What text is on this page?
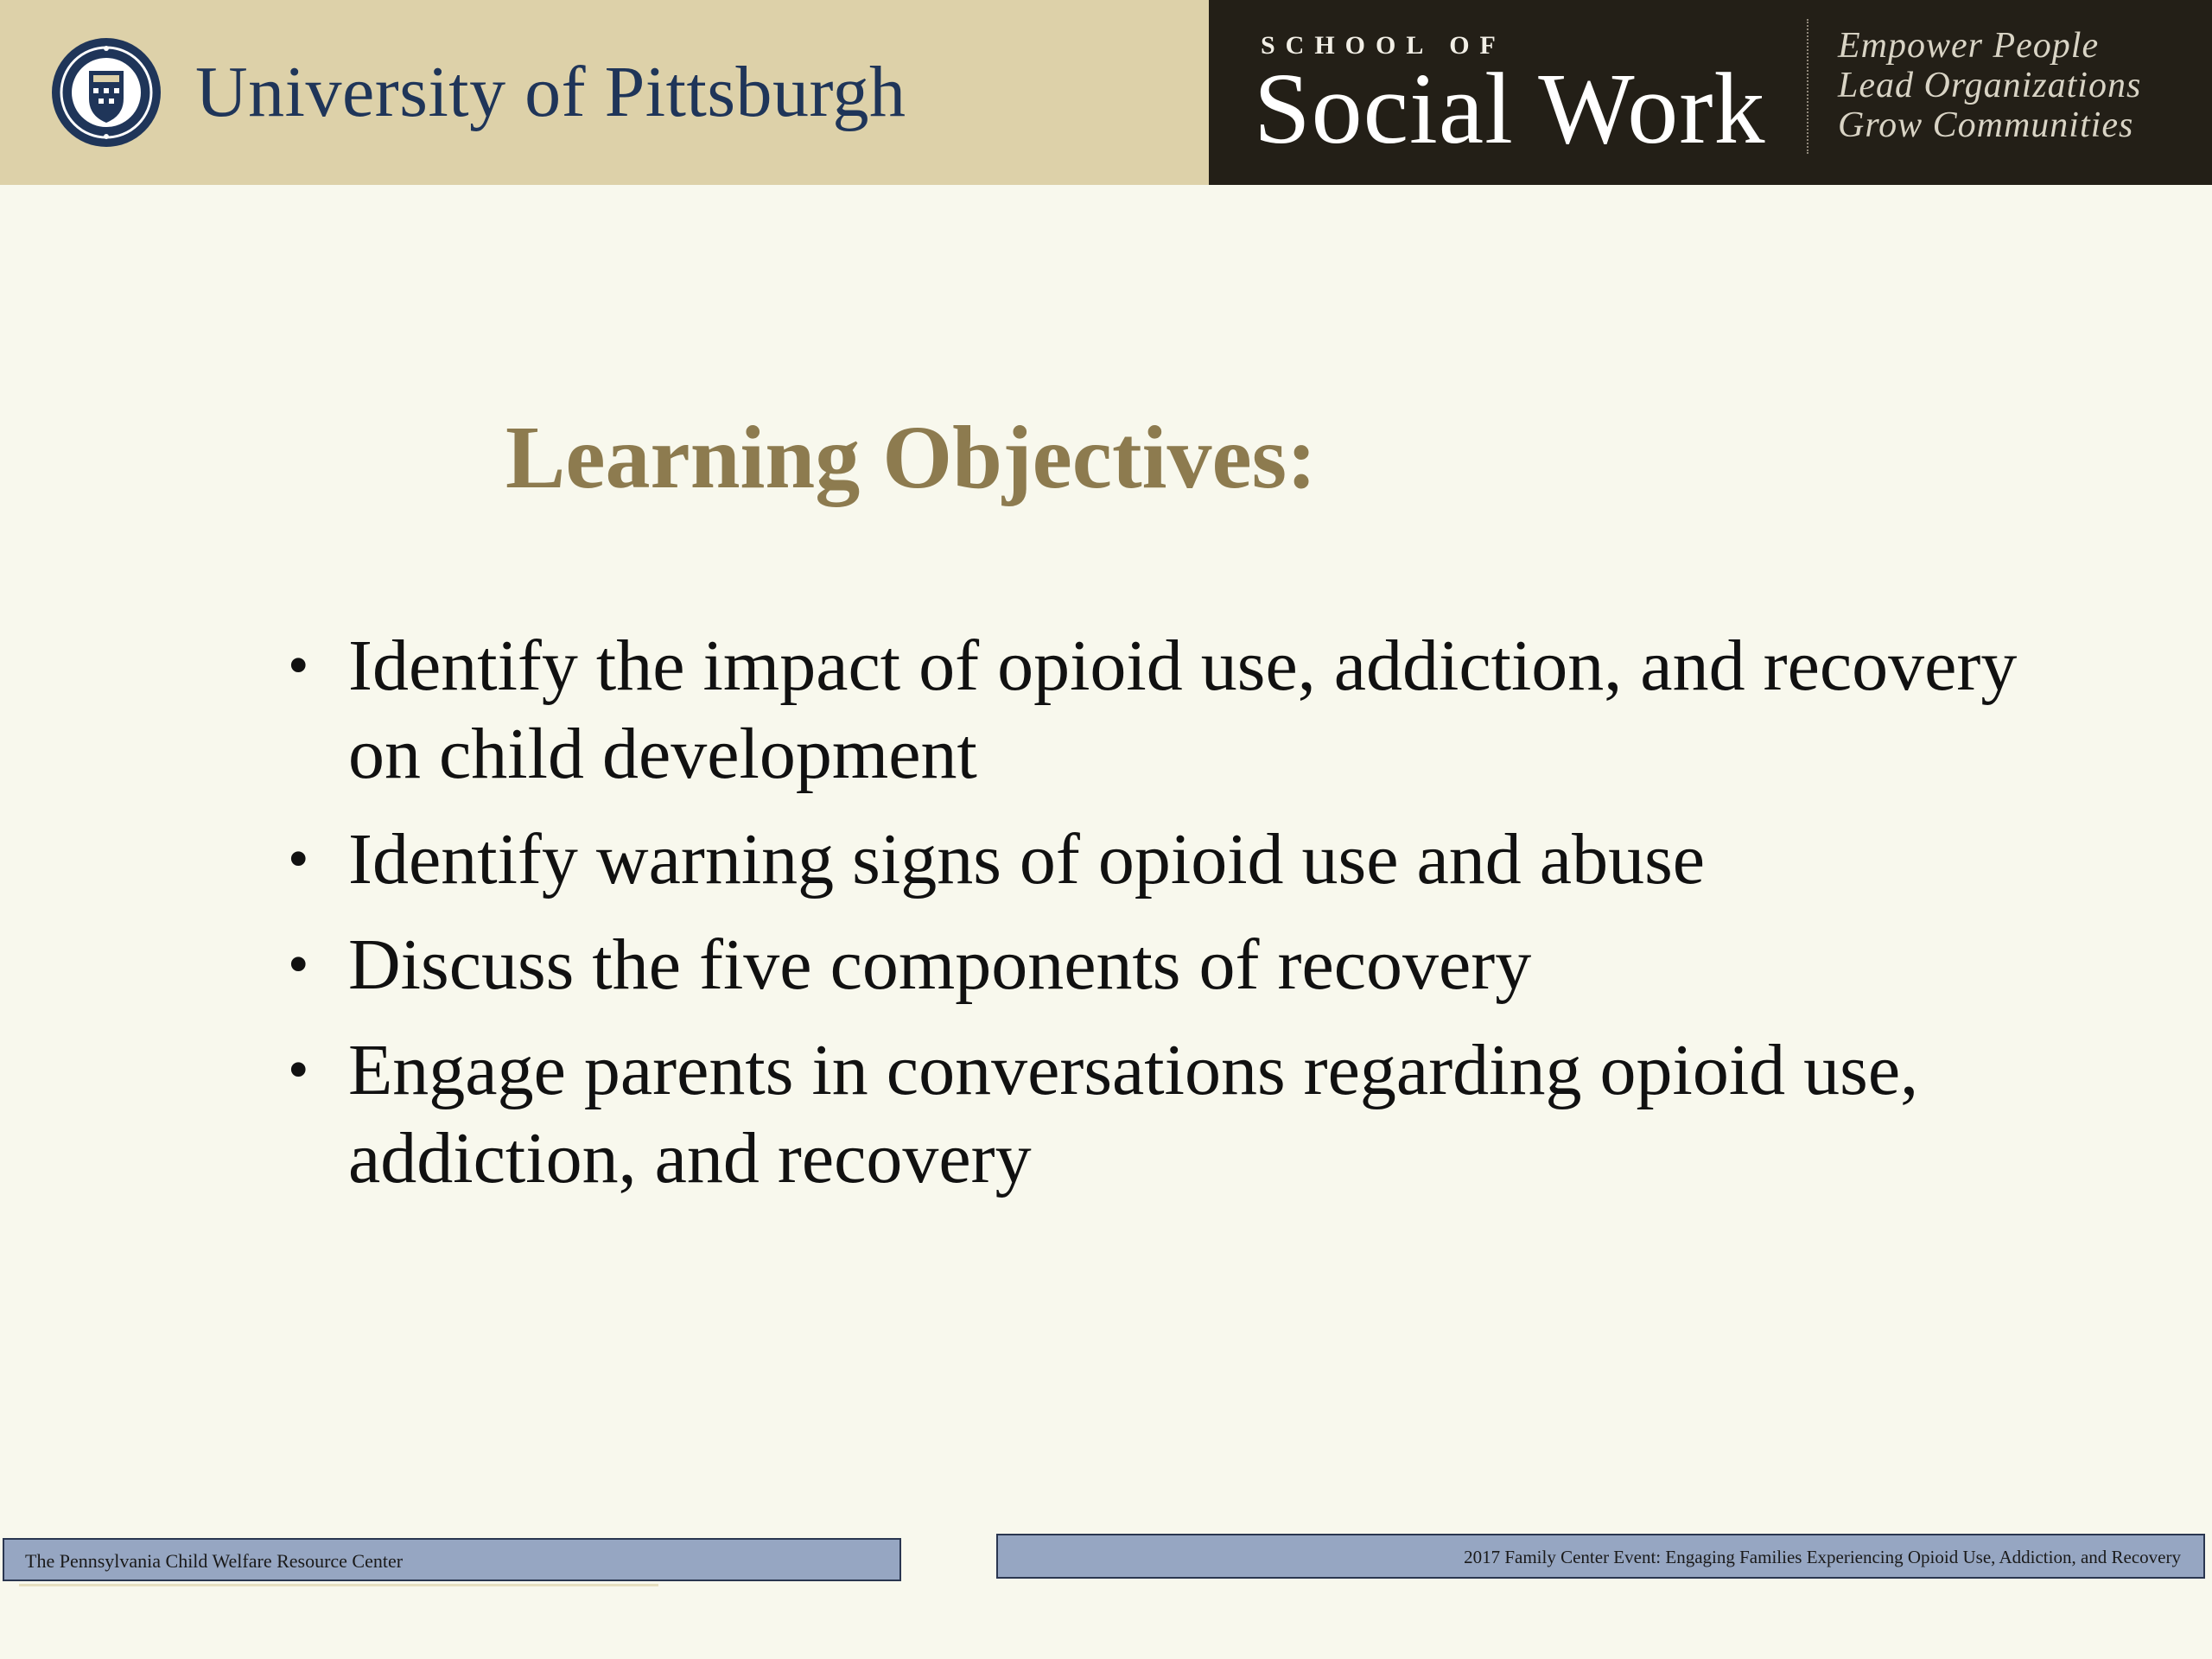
University of Pittsburgh
SCHOOL OF
Social Work
Empower People
Lead Organizations
Grow Communities
Learning Objectives:
• Identify the impact of opioid use, addiction, and recovery on child development
• Identify warning signs of opioid use and abuse
• Discuss the five components of recovery
• Engage parents in conversations regarding opioid use, addiction, and recovery
The Pennsylvania Child Welfare Resource Center	2017 Family Center Event: Engaging Families Experiencing Opioid Use, Addiction, and Recovery
